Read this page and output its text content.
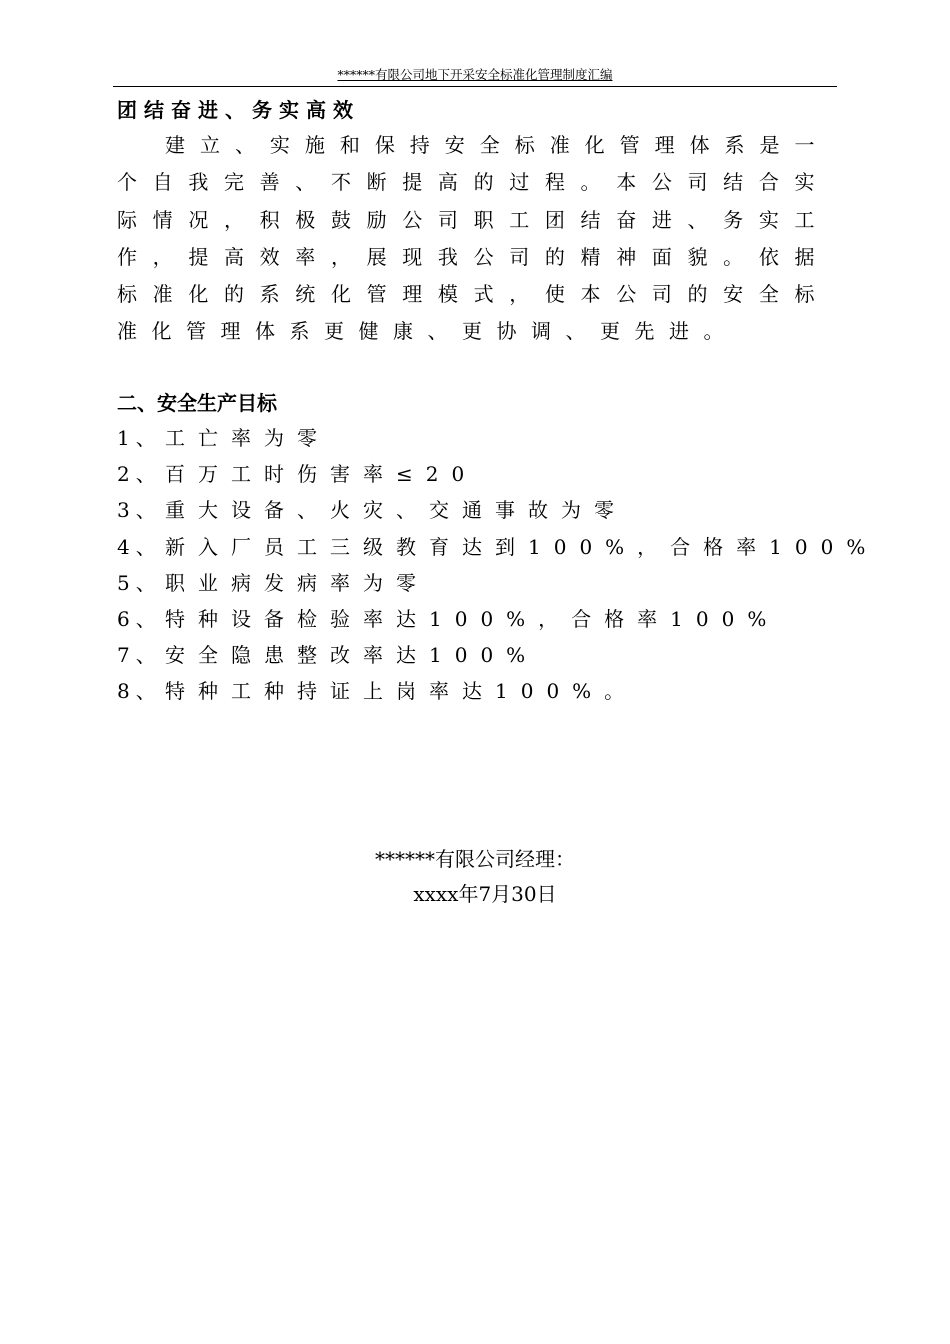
******有限公司地下开采安全标准化管理制度汇编
团结奋进、务实高效

建立、实施和保持安全标准化管理体系是一个自我完善、不断提高的过程。本公司结合实际情况，积极鼓励公司职工团结奋进、务实工作，提高效率，展现我公司的精神面貌。依据标准化的系统化管理模式，使本公司的安全标准化管理体系更健康、更协调、更先进。

二、安全生产目标
1、 工亡率为零
2、 百万工时伤害率≤20
3、 重大设备、火灾、交通事故为零
4、 新入厂员工三级教育达到100%，合格率100%
5、 职业病发病率为零
6、 特种设备检验率达100%，合格率100%
7、 安全隐患整改率达100%
8、 特种工种持证上岗率达100%。
******有限公司经理：
xxxx年7月30日
